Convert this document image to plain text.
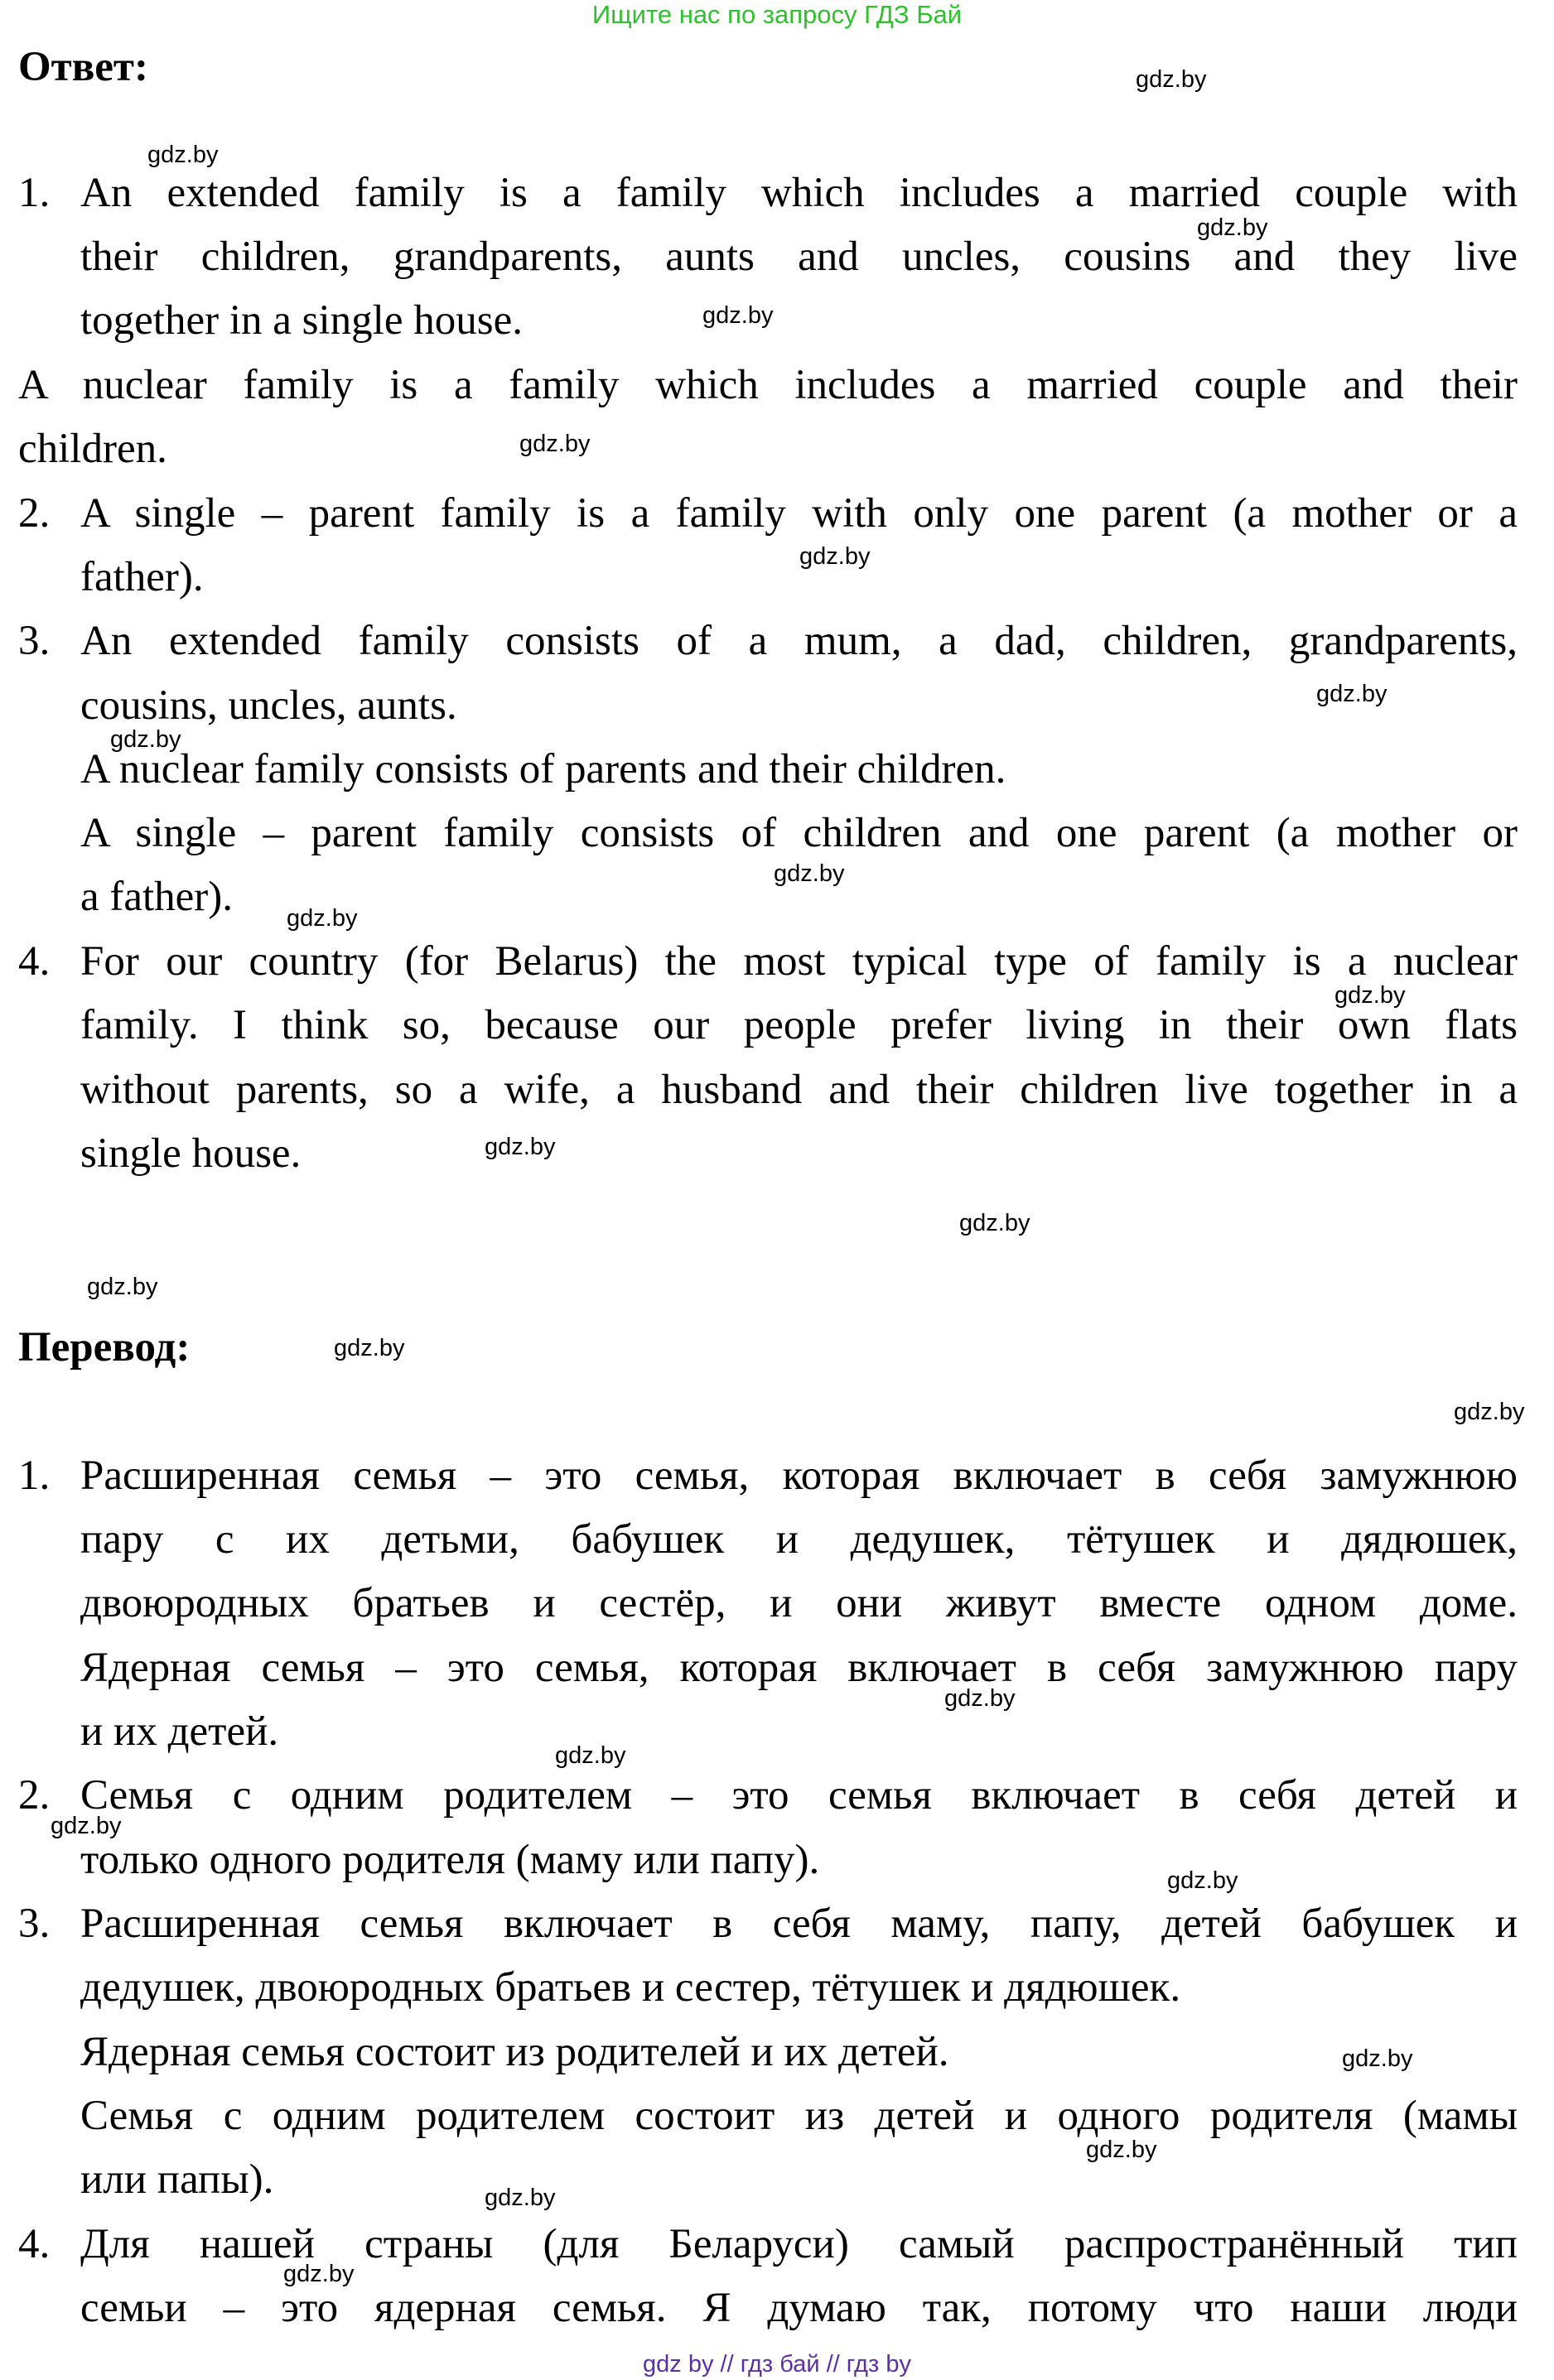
Ищите нас по запросу ГДЗ Бай
Ответ:
1. An extended family is a family which includes a married couple with
their children, grandparents, aunts and uncles, cousins and they live
together in a single house.
A nuclear family is a family which includes a married couple and their
children.
2. A single – parent family is a family with only one parent (a mother or a
father).
3. An extended family consists of a mum, a dad, children, grandparents,
cousins, uncles, aunts.
A nuclear family consists of parents and their children.
A single – parent family consists of children and one parent (a mother or
a father).
4. For our country (for Belarus) the most typical type of family is a nuclear
family. I think so, because our people prefer living in their own flats
without parents, so a wife, a husband and their children live together in a
single house.
Перевод:
1. Расширенная семья – это семья, которая включает в себя замужнюю
пару с их детьми, бабушек и дедушек, тётушек и дядюшек,
двоюродных братьев и сестёр, и они живут вместе одном доме.
Ядерная семья – это семья, которая включает в себя замужнюю пару
и их детей.
2. Семья с одним родителем – это семья включает в себя детей и
только одного родителя (маму или папу).
3. Расширенная семья включает в себя маму, папу, детей бабушек и
дедушек, двоюродных братьев и сестер, тётушек и дядюшек.
Ядерная семья состоит из родителей и их детей.
Семья с одним родителем состоит из детей и одного родителя (мамы
или папы).
4. Для нашей страны (для Беларуси) самый распространённый тип
семьи – это ядерная семья. Я думаю так, потому что наши люди
gdz.by
gdz.by
gdz.by
gdz.by
gdz.by
gdz.by
gdz.by
gdz.by
gdz.by
gdz.by
gdz.by
gdz.by
gdz.by
gdz.by
gdz.by
gdz.by
gdz.by
gdz.by
gdz.by
gdz.by
gdz.by
gdz.by
gdz.by
gdz.by
gdz by // гдз бай // гдз by
